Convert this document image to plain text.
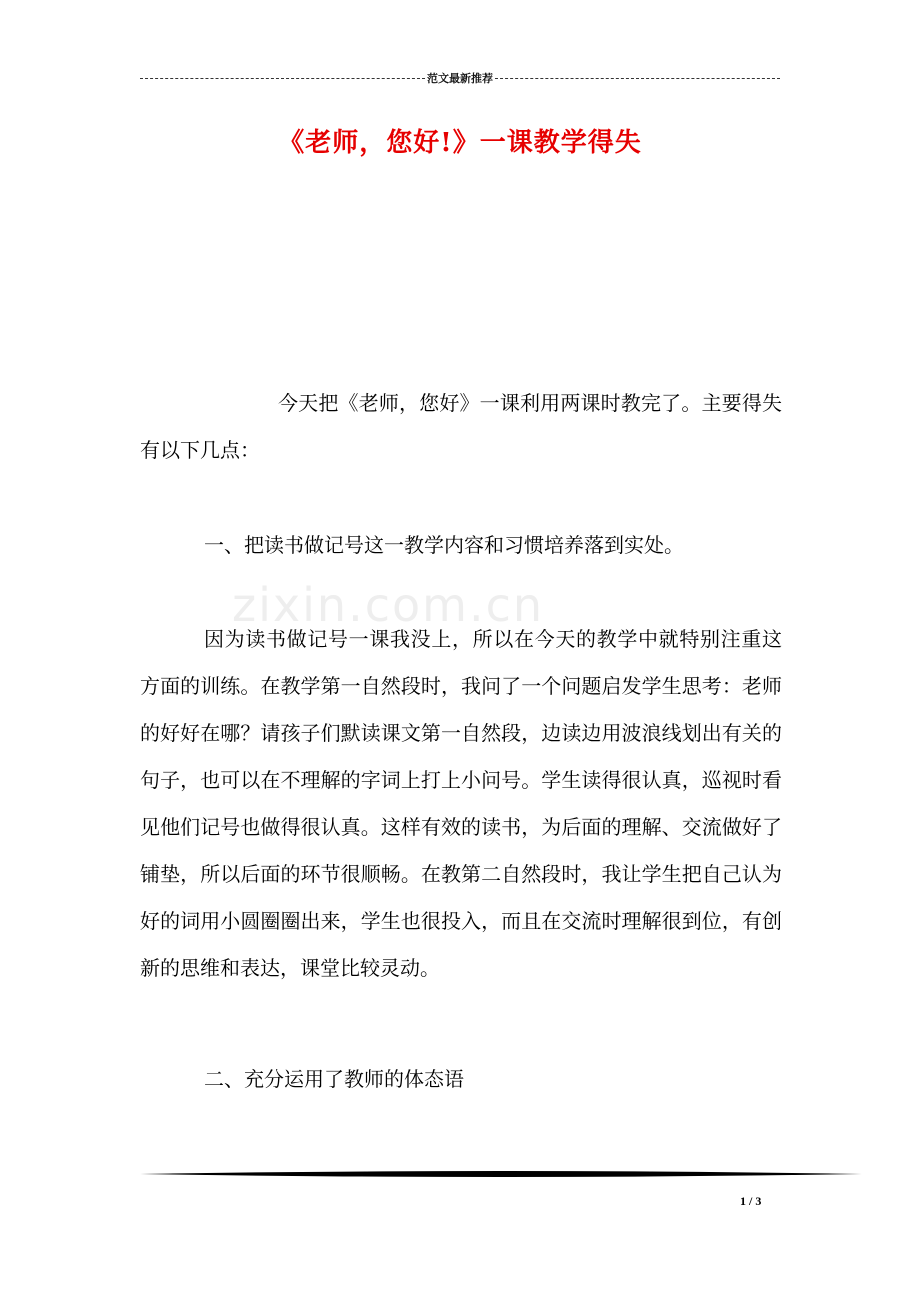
范文最新推荐
《老师，您好!》一课教学得失
zixin.com.cn
今天把《老师，您好》一课利用两课时教完了。主要得失有以下几点：
一、把读书做记号这一教学内容和习惯培养落到实处。
因为读书做记号一课我没上，所以在今天的教学中就特别注重这方面的训练。在教学第一自然段时，我问了一个问题启发学生思考：老师的好好在哪？请孩子们默读课文第一自然段，边读边用波浪线划出有关的句子，也可以在不理解的字词上打上小问号。学生读得很认真，巡视时看见他们记号也做得很认真。这样有效的读书，为后面的理解、交流做好了铺垫，所以后面的环节很顺畅。在教第二自然段时，我让学生把自己认为好的词用小圆圈圈出来，学生也很投入，而且在交流时理解很到位，有创新的思维和表达，课堂比较灵动。
二、充分运用了教师的体态语
1 / 3
